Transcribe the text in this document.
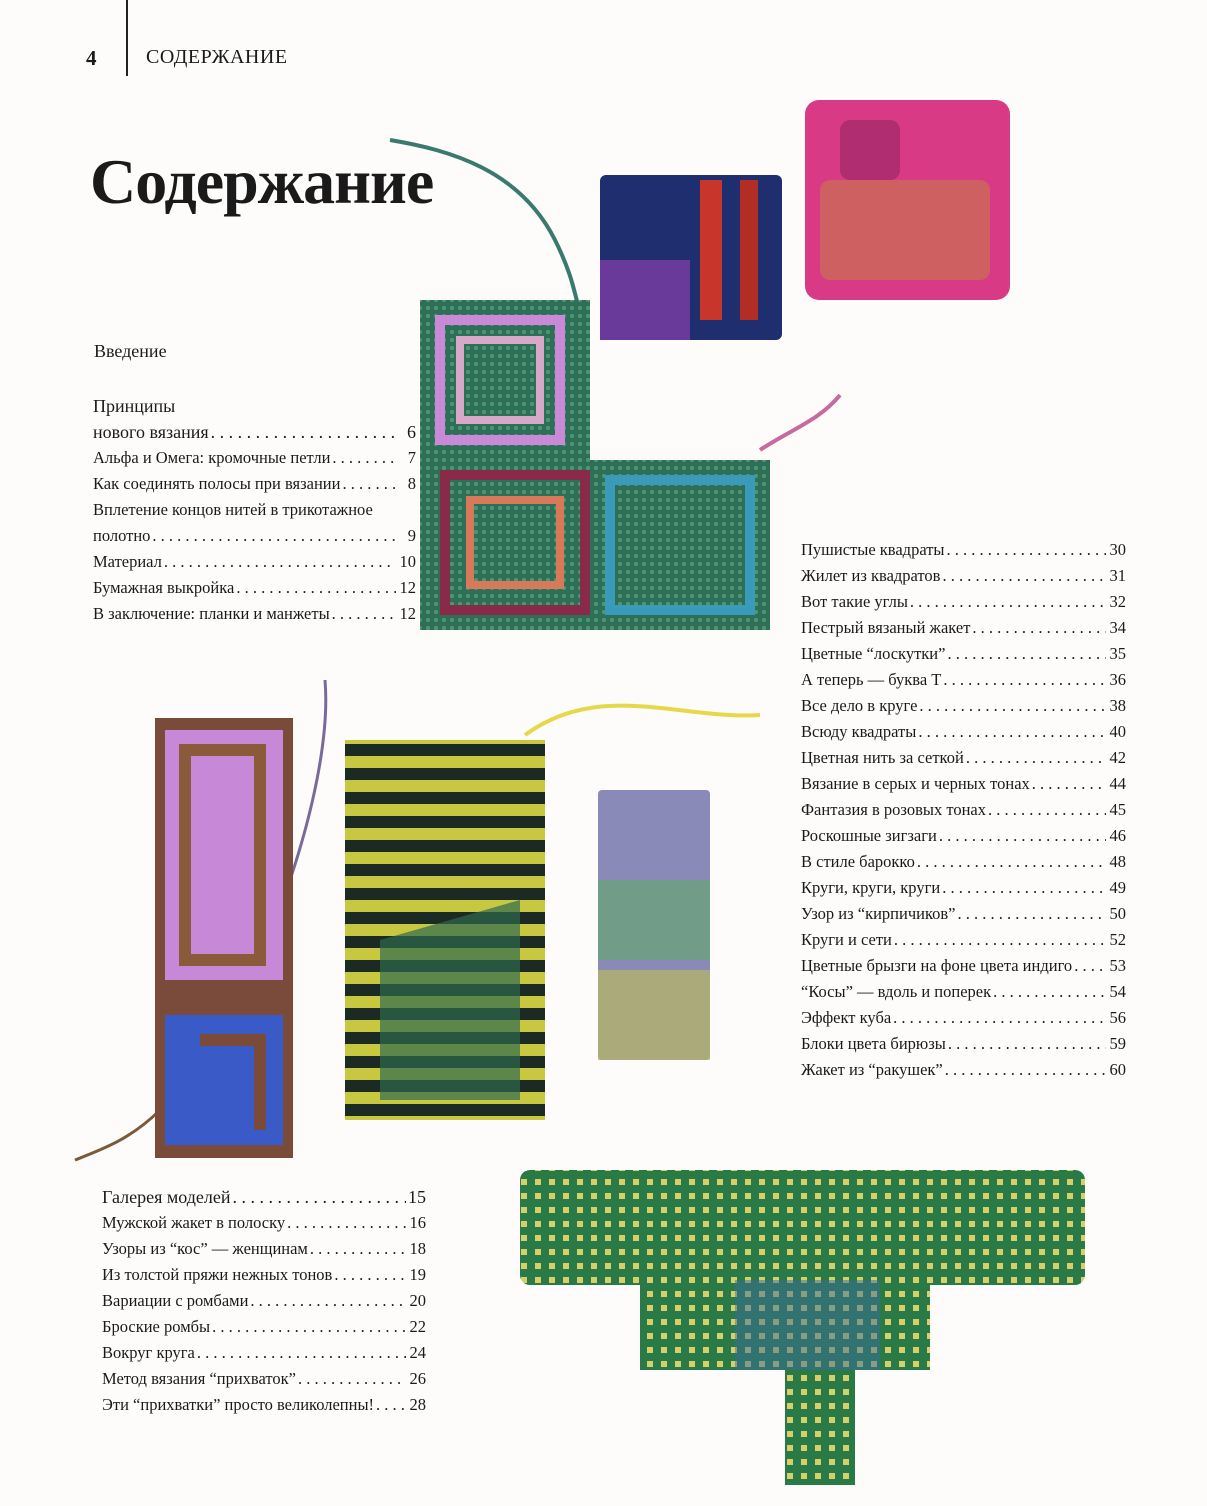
4 СОДЕРЖАНИЕ
Содержание
Введение
Принципы
нового вязания . . .	6
Альфа и Омега: кромочные петли . . .	7
Как соединять полосы при вязании . . .	8
Вплетение концов нитей в трикотажное
полотно . . .	9
Материал . . .	10
Бумажная выкройка . . .	12
В заключение: планки и манжеты . . .	12
Пушистые квадраты . . .	30
Жилет из квадратов . . .	31
Вот такие углы . . .	32
Пестрый вязаный жакет . . .	34
Цветные “лоскутки” . . .	35
А теперь — буква Т . . .	36
Все дело в круге . . .	38
Всюду квадраты . . .	40
Цветная нить за сеткой . . .	42
Вязание в серых и черных тонах . . .	44
Фантазия в розовых тонах . . .	45
Роскошные зигзаги . . .	46
В стиле барокко . . .	48
Круги, круги, круги . . .	49
Узор из “кирпичиков” . . .	50
Круги и сети . . .	52
Цветные брызги на фоне цвета индиго . . . 53
“Косы” — вдоль и поперек . . .	54
Эффект куба . . .	56
Блоки цвета бирюзы . . .	59
Жакет из “ракушек” . . .	60
Галерея моделей . . .	15
Мужской жакет в полоску . . .	16
Узоры из “кос” — женщинам . . .	18
Из толстой пряжи нежных тонов . . .	19
Вариации с ромбами . . .	20
Броские ромбы . . .	22
Вокруг круга . . .	24
Метод вязания “прихваток” . . .	26
Эти “прихватки” просто великолепны! . . . 28
